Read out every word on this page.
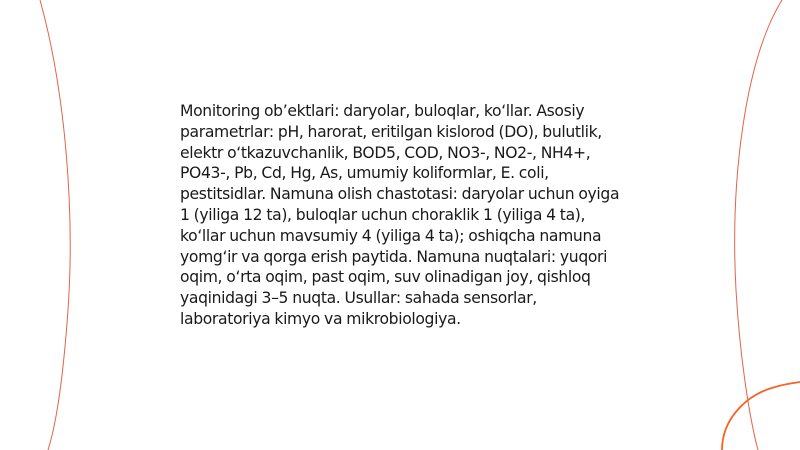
Monitoring ob’ektlari: daryolar, buloqlar, ko‘llar. Asosiy parametrlar: pH, harorat, eritilgan kislorod (DO), bulutlik, elektr o‘tkazuvchanlik, BOD5, COD, NO3-, NO2-, NH4+, PO43-, Pb, Cd, Hg, As, umumiy koliformlar, E. coli, pestitsidlar. Namuna olish chastotasi: daryolar uchun oyiga 1 (yiliga 12 ta), buloqlar uchun choraklik 1 (yiliga 4 ta), ko‘llar uchun mavsumiy 4 (yiliga 4 ta); oshiqcha namuna yomg‘ir va qorga erish paytida. Namuna nuqtalari: yuqori oqim, o‘rta oqim, past oqim, suv olinadigan joy, qishloq yaqinidagi 3–5 nuqta. Usullar: sahada sensorlar, laboratoriya kimyo va mikrobiologiya.
